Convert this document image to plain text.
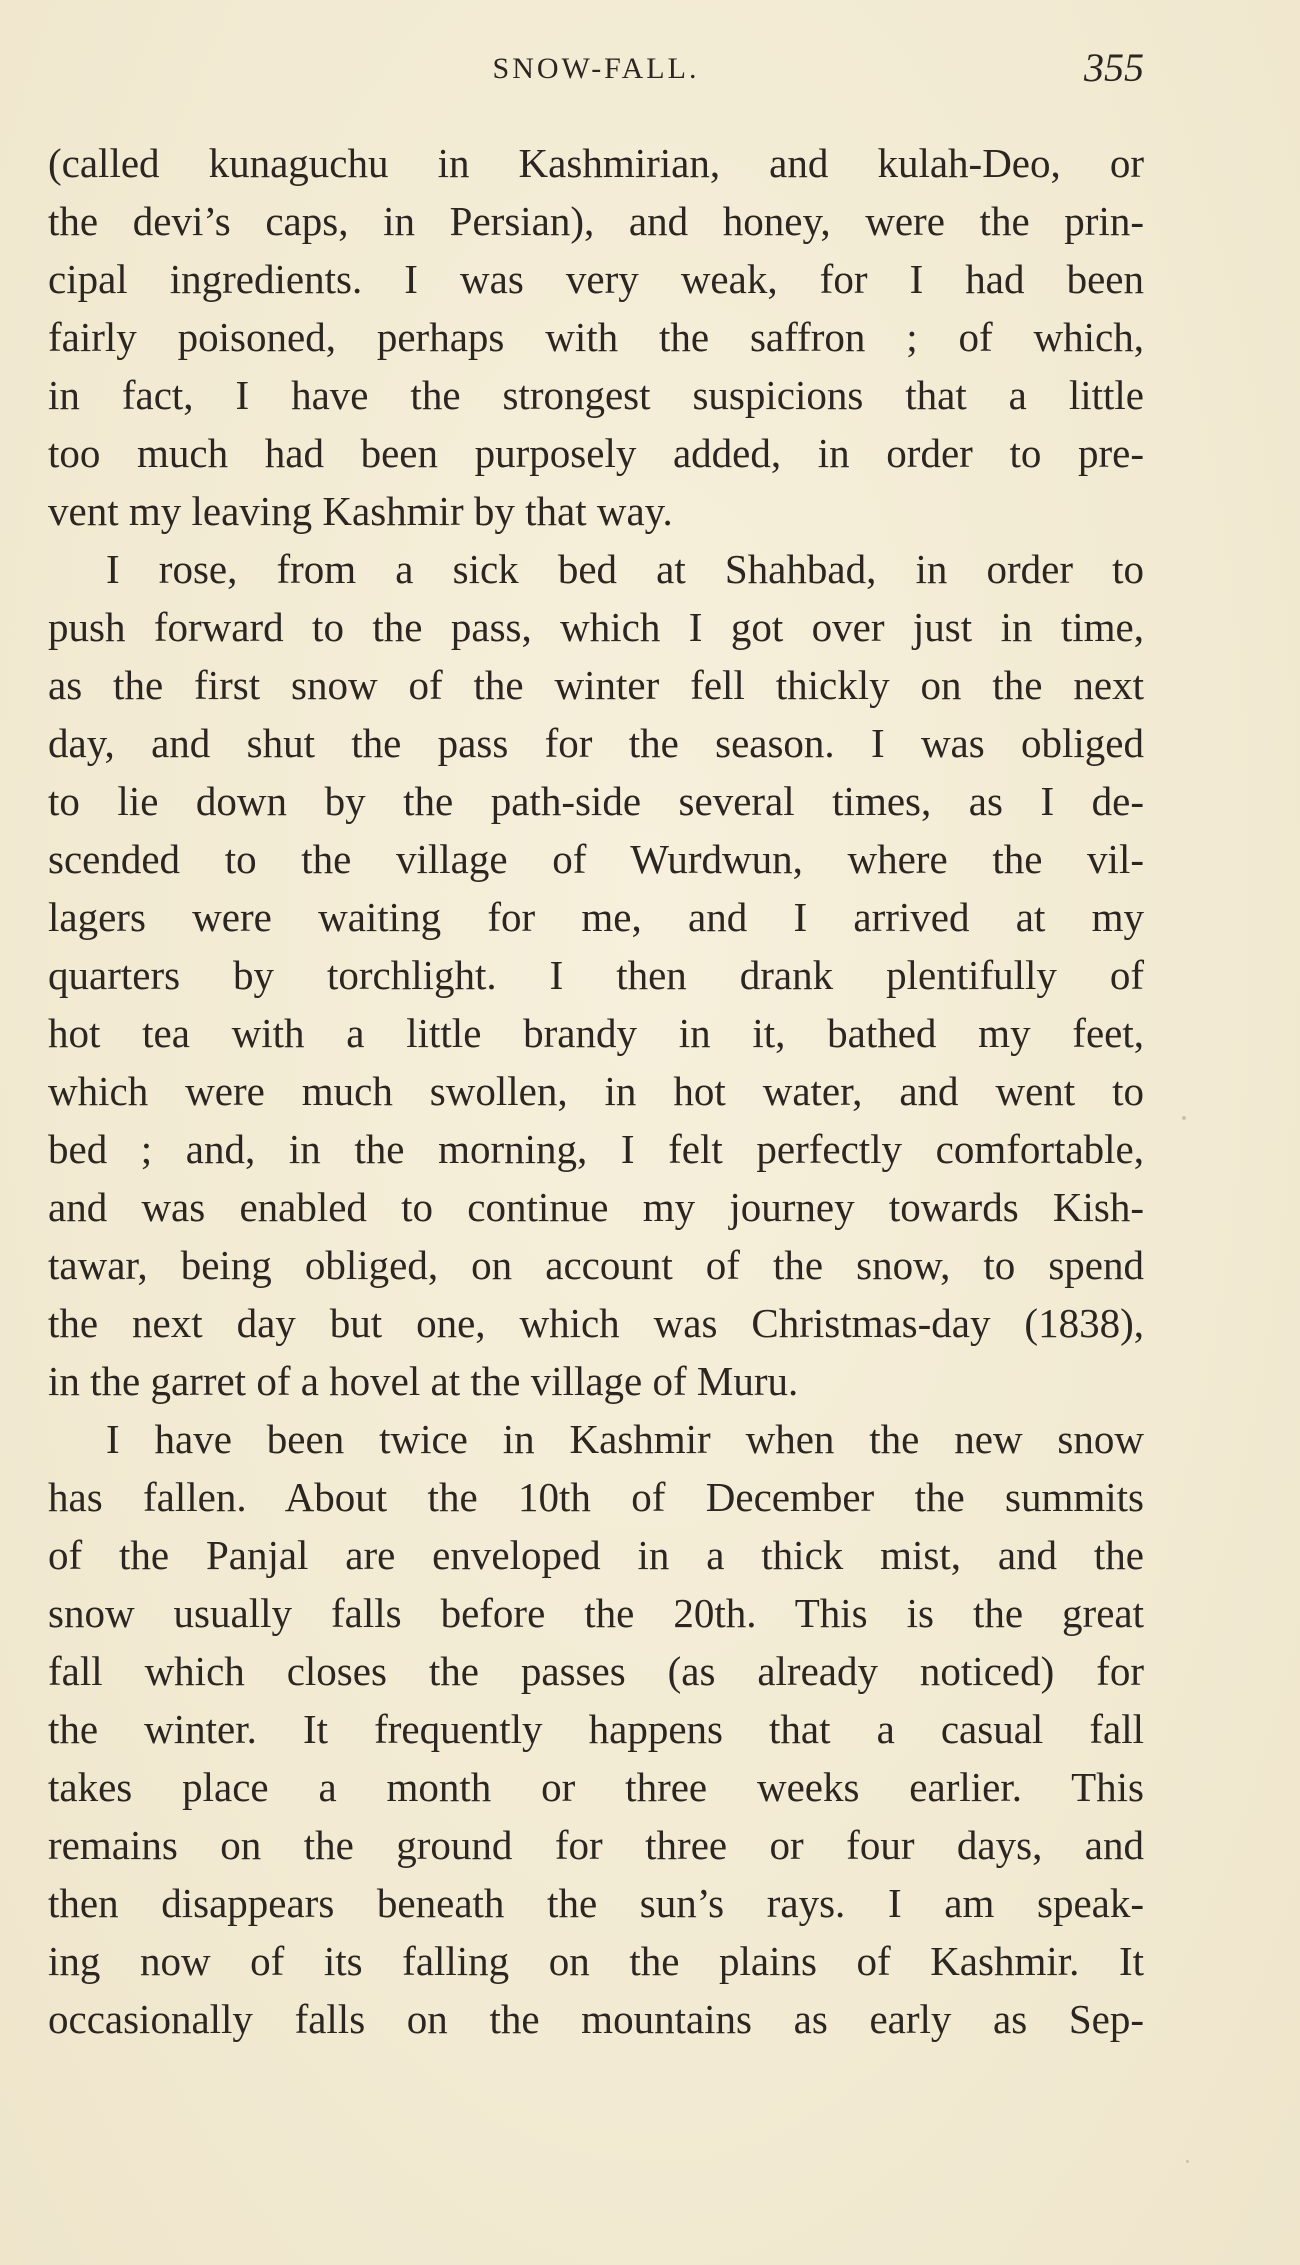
SNOW-FALL.	355
(called kunaguchu in Kashmirian, and kulah-Deo, or
the devi’s caps, in Persian), and honey, were the prin-
cipal ingredients. I was very weak, for I had been
fairly poisoned, perhaps with the saffron ; of which,
in fact, I have the strongest suspicions that a little
too much had been purposely added, in order to pre-
vent my leaving Kashmir by that way.
I rose, from a sick bed at Shahbad, in order to
push forward to the pass, which I got over just in time,
as the first snow of the winter fell thickly on the next
day, and shut the pass for the season. I was obliged
to lie down by the path-side several times, as I de-
scended to the village of Wurdwun, where the vil-
lagers were waiting for me, and I arrived at my
quarters by torchlight. I then drank plentifully of
hot tea with a little brandy in it, bathed my feet,
which were much swollen, in hot water, and went to
bed ; and, in the morning, I felt perfectly comfortable,
and was enabled to continue my journey towards Kish-
tawar, being obliged, on account of the snow, to spend
the next day but one, which was Christmas-day (1838),
in the garret of a hovel at the village of Muru.
I have been twice in Kashmir when the new snow
has fallen. About the 10th of December the summits
of the Panjal are enveloped in a thick mist, and the
snow usually falls before the 20th. This is the great
fall which closes the passes (as already noticed) for
the winter. It frequently happens that a casual fall
takes place a month or three weeks earlier. This
remains on the ground for three or four days, and
then disappears beneath the sun’s rays. I am speak-
ing now of its falling on the plains of Kashmir. It
occasionally falls on the mountains as early as Sep-
